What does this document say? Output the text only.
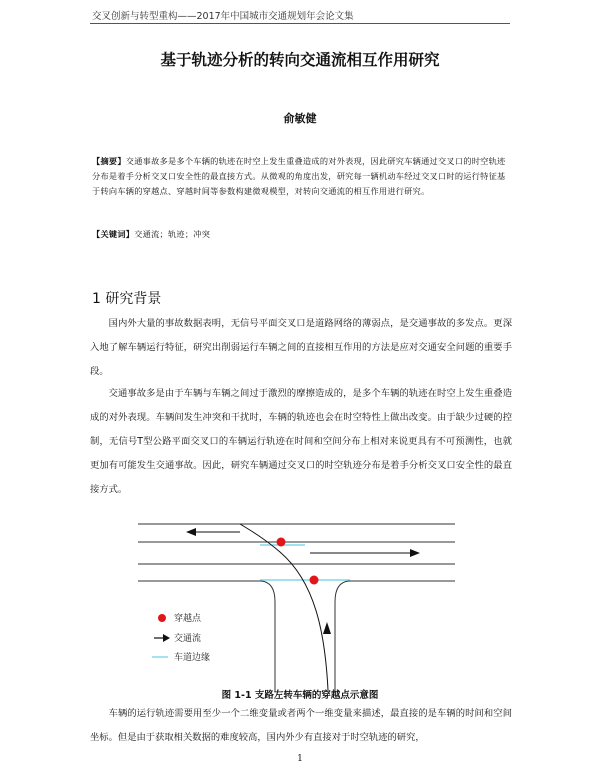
交叉创新与转型重构——2017年中国城市交通规划年会论文集
基于轨迹分析的转向交通流相互作用研究
俞敏健
【摘要】交通事故多是多个车辆的轨迹在时空上发生重叠造成的对外表现，因此研究车辆通过交叉口的时空轨迹分布是着手分析交叉口安全性的最直接方式。从微观的角度出发，研究每一辆机动车经过交叉口时的运行特征基于转向车辆的穿越点、穿越时间等参数构建微观模型，对转向交通流的相互作用进行研究。
【关键词】交通流；轨迹；冲突
1 研究背景
国内外大量的事故数据表明，无信号平面交叉口是道路网络的薄弱点，是交通事故的多发点。更深入地了解车辆运行特征，研究出削弱运行车辆之间的直接相互作用的方法是应对交通安全问题的重要手段。
交通事故多是由于车辆与车辆之间过于激烈的摩擦造成的，是多个车辆的轨迹在时空上发生重叠造成的对外表现。车辆间发生冲突和干扰时，车辆的轨迹也会在时空特性上做出改变。由于缺少过硬的控制，无信号T型公路平面交叉口的车辆运行轨迹在时间和空间分布上相对来说更具有不可预测性，也就更加有可能发生交通事故。因此，研究车辆通过交叉口的时空轨迹分布是着手分析交叉口安全性的最直接方式。
穿越点
交通流
车道边缘
图 1-1 支路左转车辆的穿越点示意图
车辆的运行轨迹需要用至少一个二维变量或者两个一维变量来描述，最直接的是车辆的时间和空间坐标。但是由于获取相关数据的难度较高，国内外少有直接对于时空轨迹的研究，
1
